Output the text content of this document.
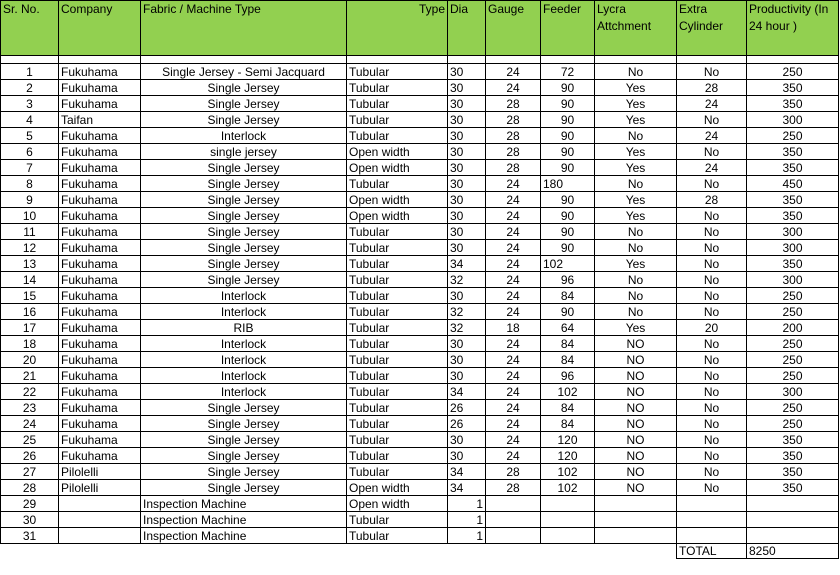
Sr. No.	Company	Fabric / Machine Type	Type	Dia	Gauge	Feeder	Lycra Attchment	Extra Cylinder	Productivity (In 24 hour )

1	Fukuhama	Single Jersey - Semi Jacquard	Tubular	30	24	72	No	No	250
2	Fukuhama	Single Jersey	Tubular	30	24	90	Yes	28	350
3	Fukuhama	Single Jersey	Tubular	30	28	90	Yes	24	350
4	Taifan	Single Jersey	Tubular	30	28	90	Yes	No	300
5	Fukuhama	Interlock	Tubular	30	28	90	No	24	250
6	Fukuhama	single jersey	Open width	30	28	90	Yes	No	350
7	Fukuhama	Single Jersey	Open width	30	28	90	Yes	24	350
8	Fukuhama	Single Jersey	Tubular	30	24	180	No	No	450
9	Fukuhama	Single Jersey	Open width	30	24	90	Yes	28	350
10	Fukuhama	Single Jersey	Open width	30	24	90	Yes	No	350
11	Fukuhama	Single Jersey	Tubular	30	24	90	No	No	300
12	Fukuhama	Single Jersey	Tubular	30	24	90	No	No	300
13	Fukuhama	Single Jersey	Tubular	34	24	102	Yes	No	350
14	Fukuhama	Single Jersey	Tubular	32	24	96	No	No	300
15	Fukuhama	Interlock	Tubular	30	24	84	No	No	250
16	Fukuhama	Interlock	Tubular	32	24	90	No	No	250
17	Fukuhama	RIB	Tubular	32	18	64	Yes	20	200
18	Fukuhama	Interlock	Tubular	30	24	84	NO	No	250
20	Fukuhama	Interlock	Tubular	30	24	84	NO	No	250
21	Fukuhama	Interlock	Tubular	30	24	96	NO	No	250
22	Fukuhama	Interlock	Tubular	34	24	102	NO	No	300
23	Fukuhama	Single Jersey	Tubular	26	24	84	NO	No	250
24	Fukuhama	Single Jersey	Tubular	26	24	84	NO	No	250
25	Fukuhama	Single Jersey	Tubular	30	24	120	NO	No	350
26	Fukuhama	Single Jersey	Tubular	30	24	120	NO	No	350
27	Pilolelli	Single Jersey	Tubular	34	28	102	NO	No	350
28	Pilolelli	Single Jersey	Open width	34	28	102	NO	No	350
29		Inspection Machine	Open width	1					
30		Inspection Machine	Tubular	1					
31		Inspection Machine	Tubular	1					
								TOTAL	8250
